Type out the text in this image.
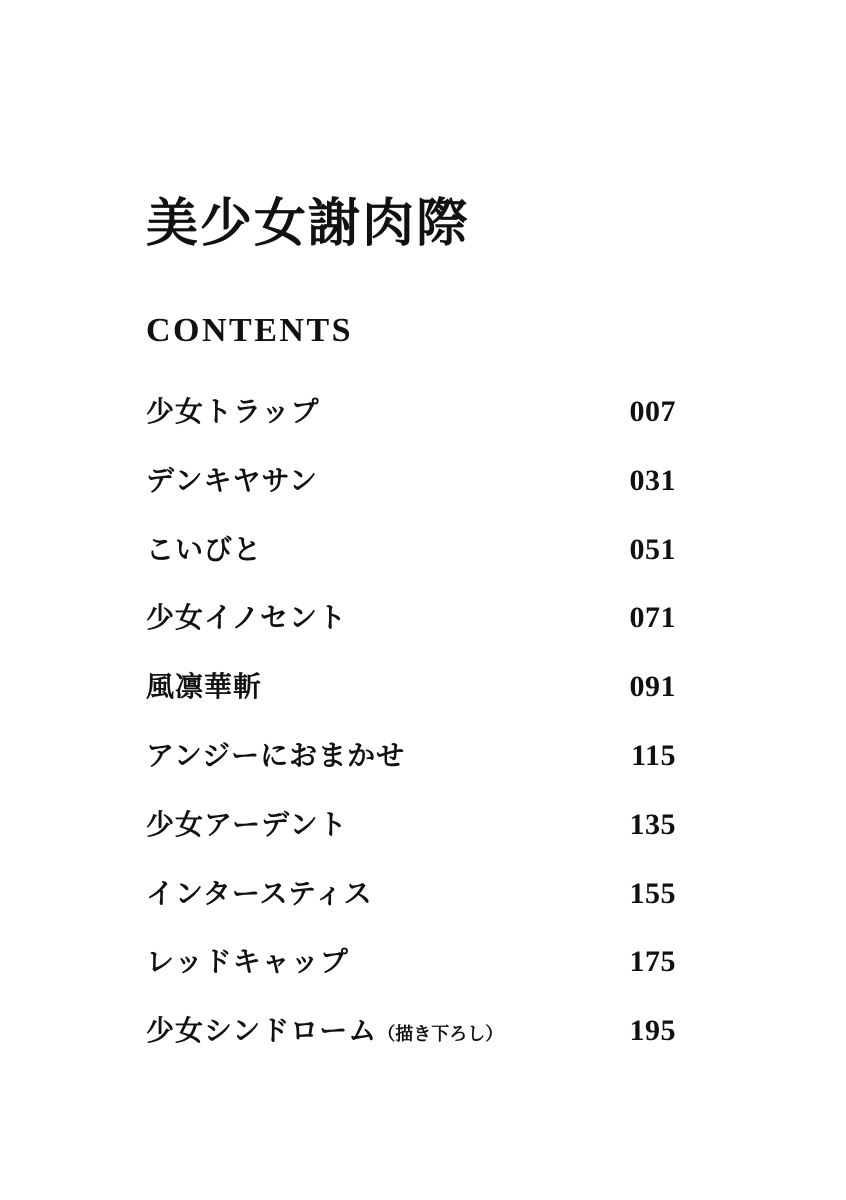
美少女謝肉際
CONTENTS
少女トラップ	007
デンキヤサン	031
こいびと	051
少女イノセント	071
風凛華斬	091
アンジーにおまかせ	115
少女アーデント	135
インタースティス	155
レッドキャップ	175
少女シンドローム（描き下ろし）	195
